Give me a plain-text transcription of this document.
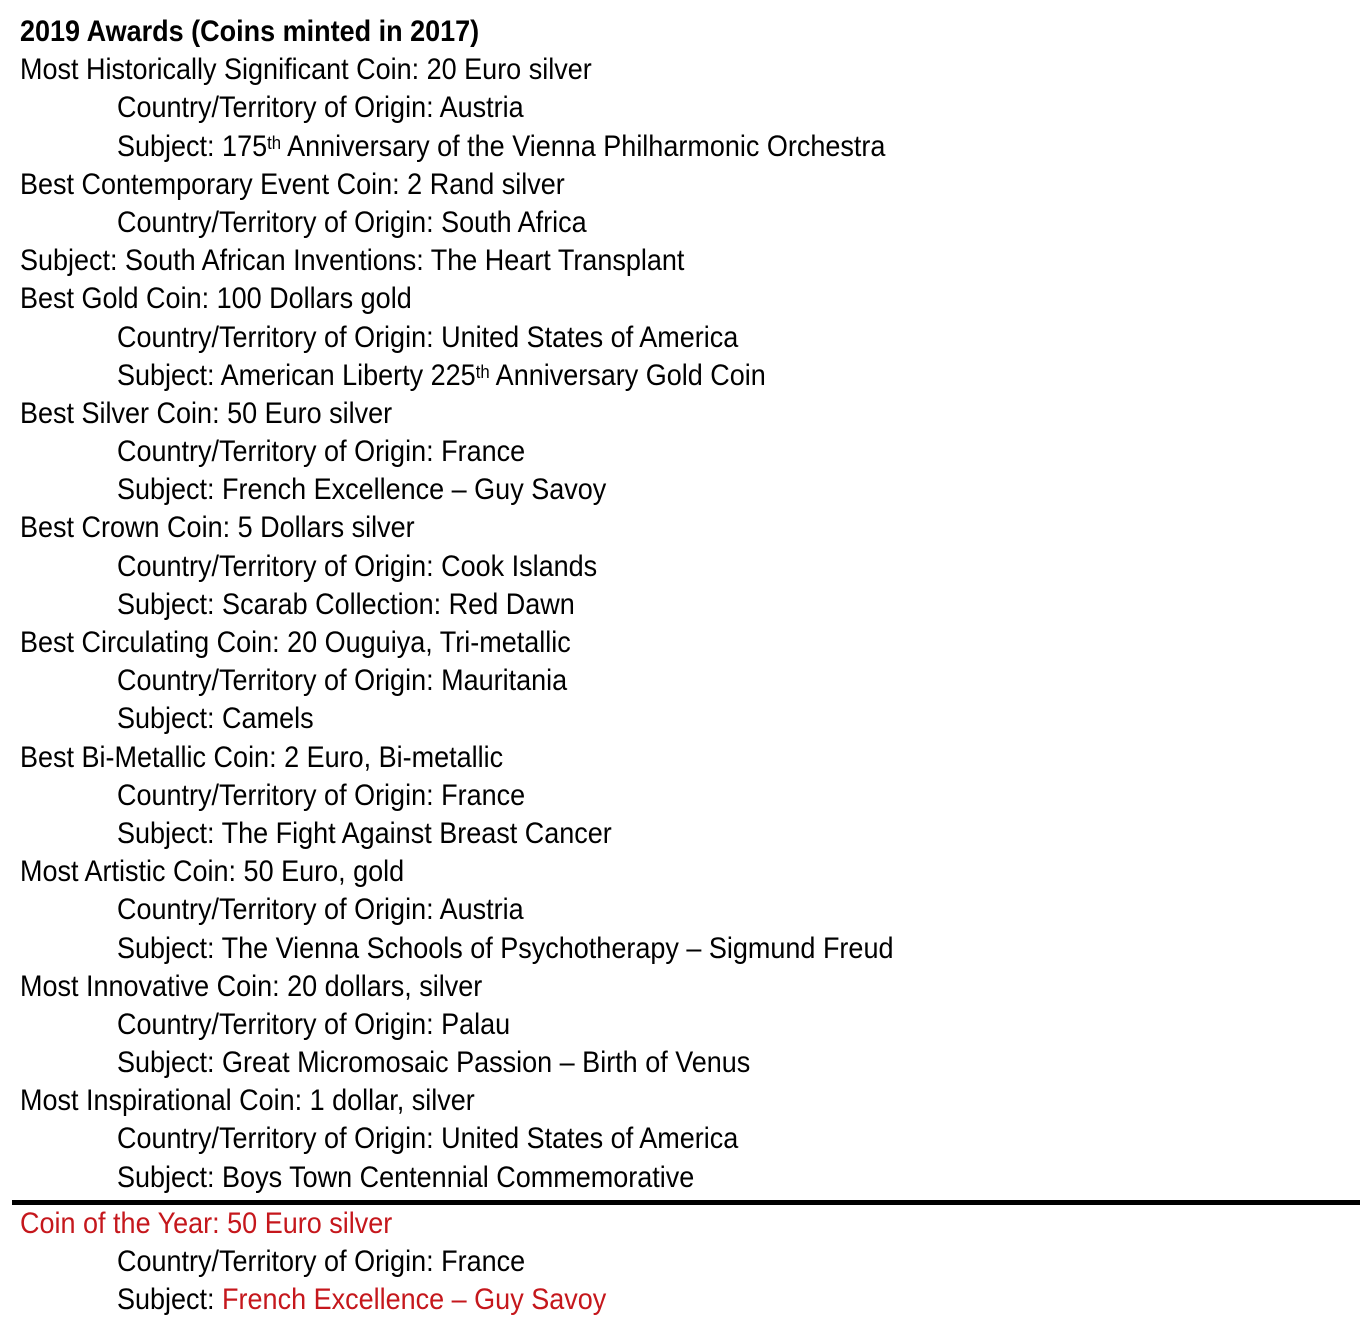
2019 Awards (Coins minted in 2017)
Most Historically Significant Coin: 20 Euro silver
Country/Territory of Origin: Austria
Subject: 175th Anniversary of the Vienna Philharmonic Orchestra
Best Contemporary Event Coin: 2 Rand silver
Country/Territory of Origin: South Africa
Subject: South African Inventions: The Heart Transplant
Best Gold Coin: 100 Dollars gold
Country/Territory of Origin: United States of America
Subject: American Liberty 225th Anniversary Gold Coin
Best Silver Coin: 50 Euro silver
Country/Territory of Origin: France
Subject: French Excellence – Guy Savoy
Best Crown Coin: 5 Dollars silver
Country/Territory of Origin: Cook Islands
Subject: Scarab Collection: Red Dawn
Best Circulating Coin: 20 Ouguiya, Tri-metallic
Country/Territory of Origin: Mauritania
Subject: Camels
Best Bi-Metallic Coin: 2 Euro, Bi-metallic
Country/Territory of Origin: France
Subject: The Fight Against Breast Cancer
Most Artistic Coin: 50 Euro, gold
Country/Territory of Origin: Austria
Subject: The Vienna Schools of Psychotherapy – Sigmund Freud
Most Innovative Coin: 20 dollars, silver
Country/Territory of Origin: Palau
Subject: Great Micromosaic Passion – Birth of Venus
Most Inspirational Coin: 1 dollar, silver
Country/Territory of Origin: United States of America
Subject: Boys Town Centennial Commemorative
Coin of the Year: 50 Euro silver
Country/Territory of Origin: France
Subject: French Excellence – Guy Savoy
